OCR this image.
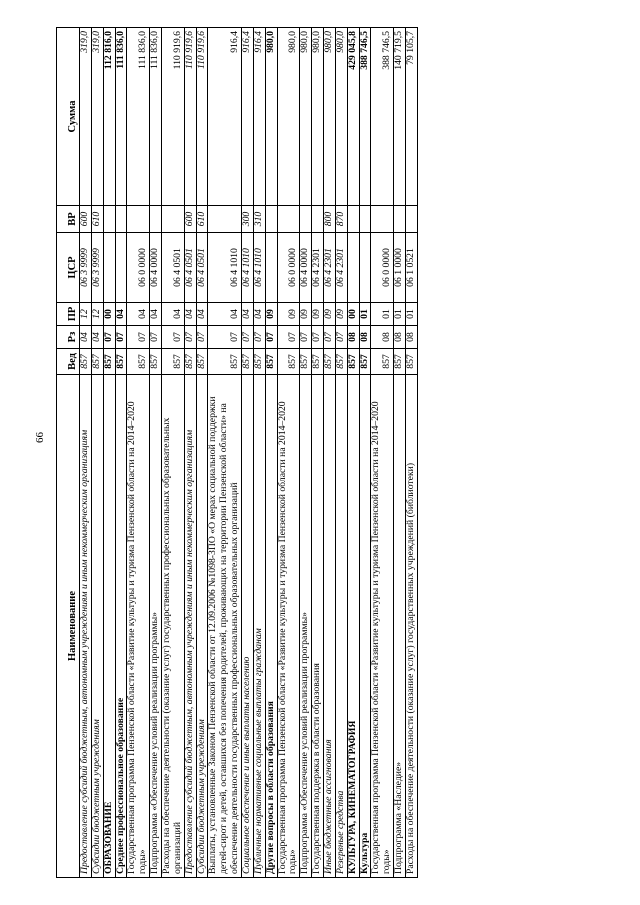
66
Наименование	Вед	Рз	ПР	ЦСР	ВР	Сумма
Предоставление субсидий бюджетным, автономным учреждениям и иным некоммерческим организациям	857	04	12	06 3 9999	600	319,0
Субсидии бюджетным учреждениям	857	04	12	06 3 9999	610	319,0
ОБРАЗОВАНИЕ	857	07	00			112 816,0
Среднее профессиональное образование	857	07	04			111 836,0
Государственная программа Пензенской области «Развитие культуры и туризма Пензенской области на 2014–2020 годы»	857	07	04	06 0 0000		111 836,0
Подпрограмма «Обеспечение условий реализации программы»	857	07	04	06 4 0000		111 836,0
Расходы на обеспечение деятельности (оказание услуг) государственных профессиональных образовательных организаций	857	07	04	06 4 0501		110 919,6
Предоставление субсидий бюджетным, автономным учреждениям и иным некоммерческим организациям	857	07	04	06 4 0501	600	110 919,6
Субсидии бюджетным учреждениям	857	07	04	06 4 0501	610	110 919,6
Выплаты, установленные Законом Пензенской области от 12.09.2006 №1098-ЗПО «О мерах социальной поддержки детей-сирот и детей, оставшихся без попечения родителей, проживающих на территории Пензенской области» на обеспечение деятельности государственных профессиональных образовательных организаций	857	07	04	06 4 1010		916,4
Социальное обеспечение и иные выплаты населению	857	07	04	06 4 1010	300	916,4
Публичные нормативные социальные выплаты гражданам	857	07	04	06 4 1010	310	916,4
Другие вопросы в области образования	857	07	09			980,0
Государственная программа Пензенской области «Развитие культуры и туризма Пензенской области на 2014–2020 годы»	857	07	09	06 0 0000		980,0
Подпрограмма «Обеспечение условий реализации программы»	857	07	09	06 4 0000		980,0
Государственная поддержка в области образования	857	07	09	06 4 2301		980,0
Иные бюджетные ассигнования	857	07	09	06 4 2301	800	980,0
Резервные средства	857	07	09	06 4 2301	870	980,0
КУЛЬТУРА, КИНЕМАТОГРАФИЯ	857	08	00			429 045,8
Культура	857	08	01			388 746,5
Государственная программа Пензенской области «Развитие культуры и туризма Пензенской области на 2014–2020 годы»	857	08	01	06 0 0000		388 746,5
Подпрограмма «Наследие»	857	08	01	06 1 0000		140 719,5
Расходы на обеспечение деятельности (оказание услуг) государственных учреждений (библиотеки)	857	08	01	06 1 0521		79 105,7
